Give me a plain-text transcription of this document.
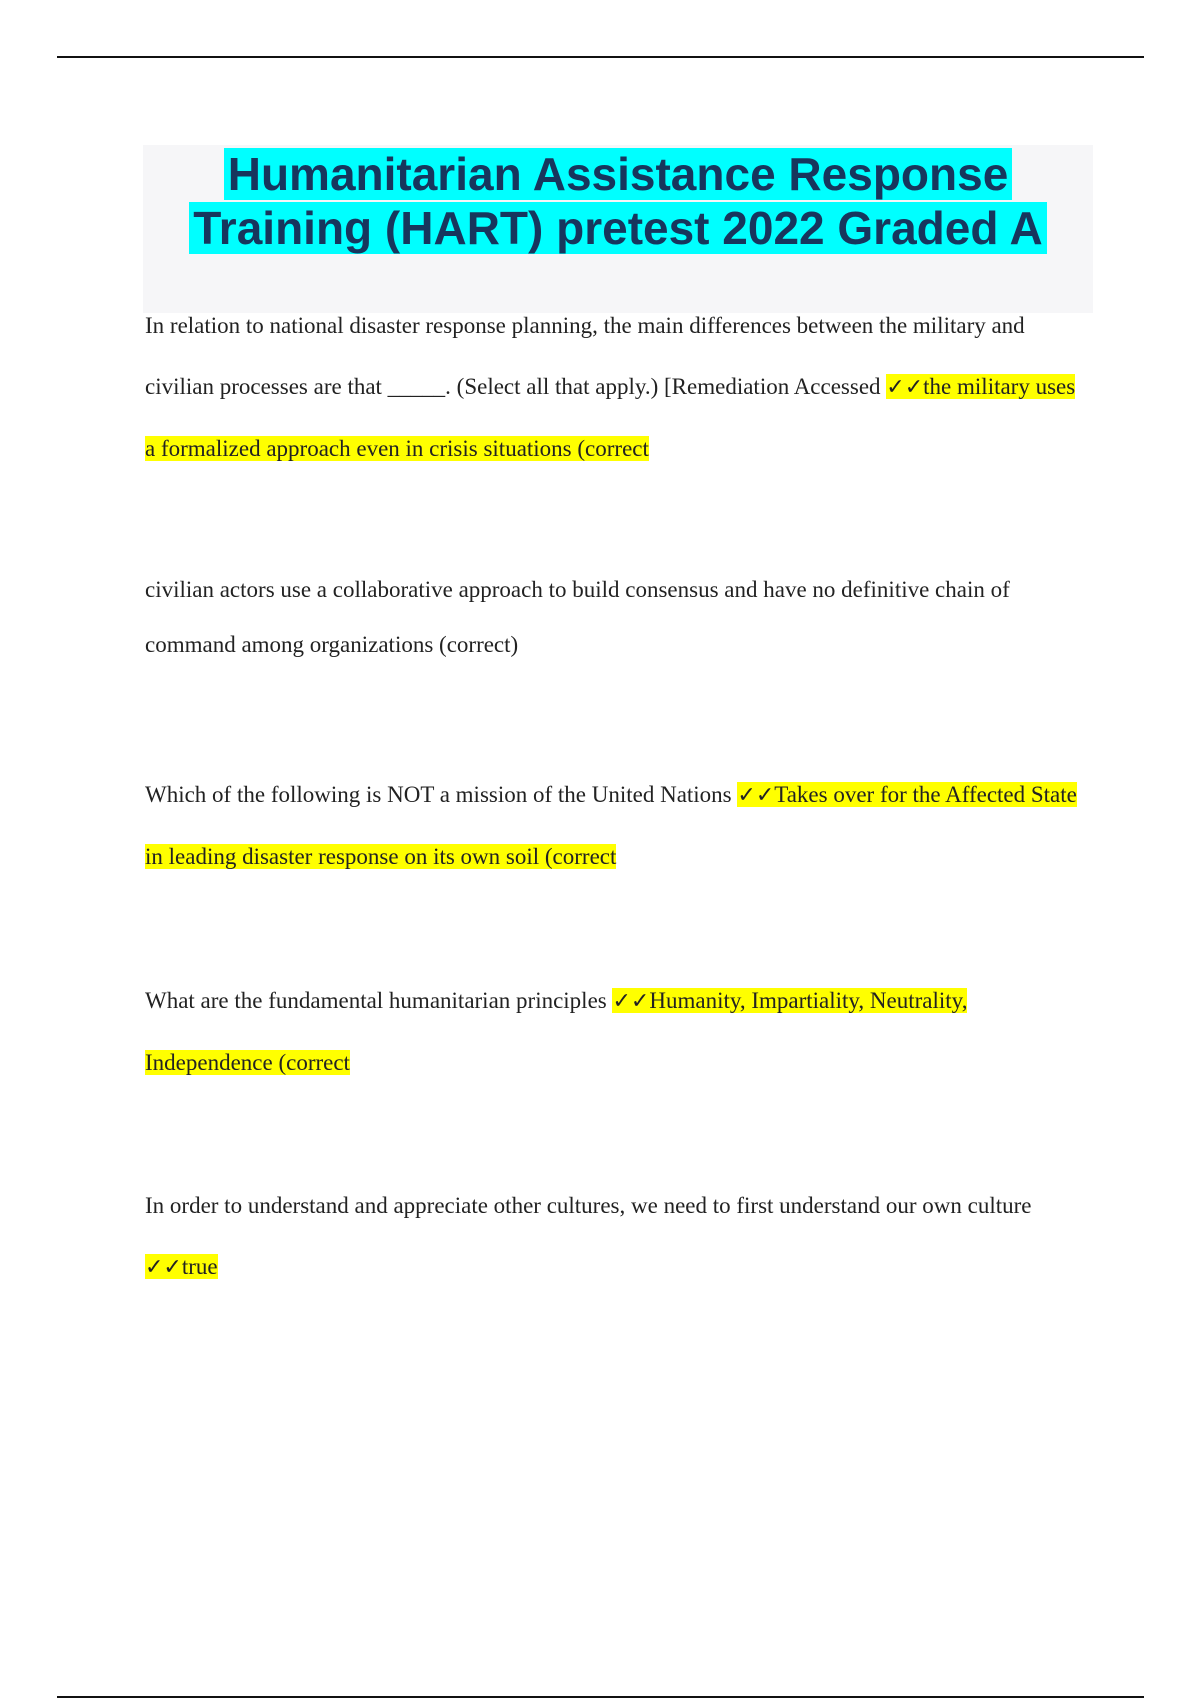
Humanitarian Assistance Response
Training (HART) pretest 2022 Graded A
In relation to national disaster response planning, the main differences between the military and civilian processes are that _____. (Select all that apply.) [Remediation Accessed ✓✓the military uses a formalized approach even in crisis situations (correct
civilian actors use a collaborative approach to build consensus and have no definitive chain of command among organizations (correct)
Which of the following is NOT a mission of the United Nations ✓✓Takes over for the Affected State in leading disaster response on its own soil (correct
What are the fundamental humanitarian principles ✓✓Humanity, Impartiality, Neutrality, Independence (correct
In order to understand and appreciate other cultures, we need to first understand our own culture ✓✓true
